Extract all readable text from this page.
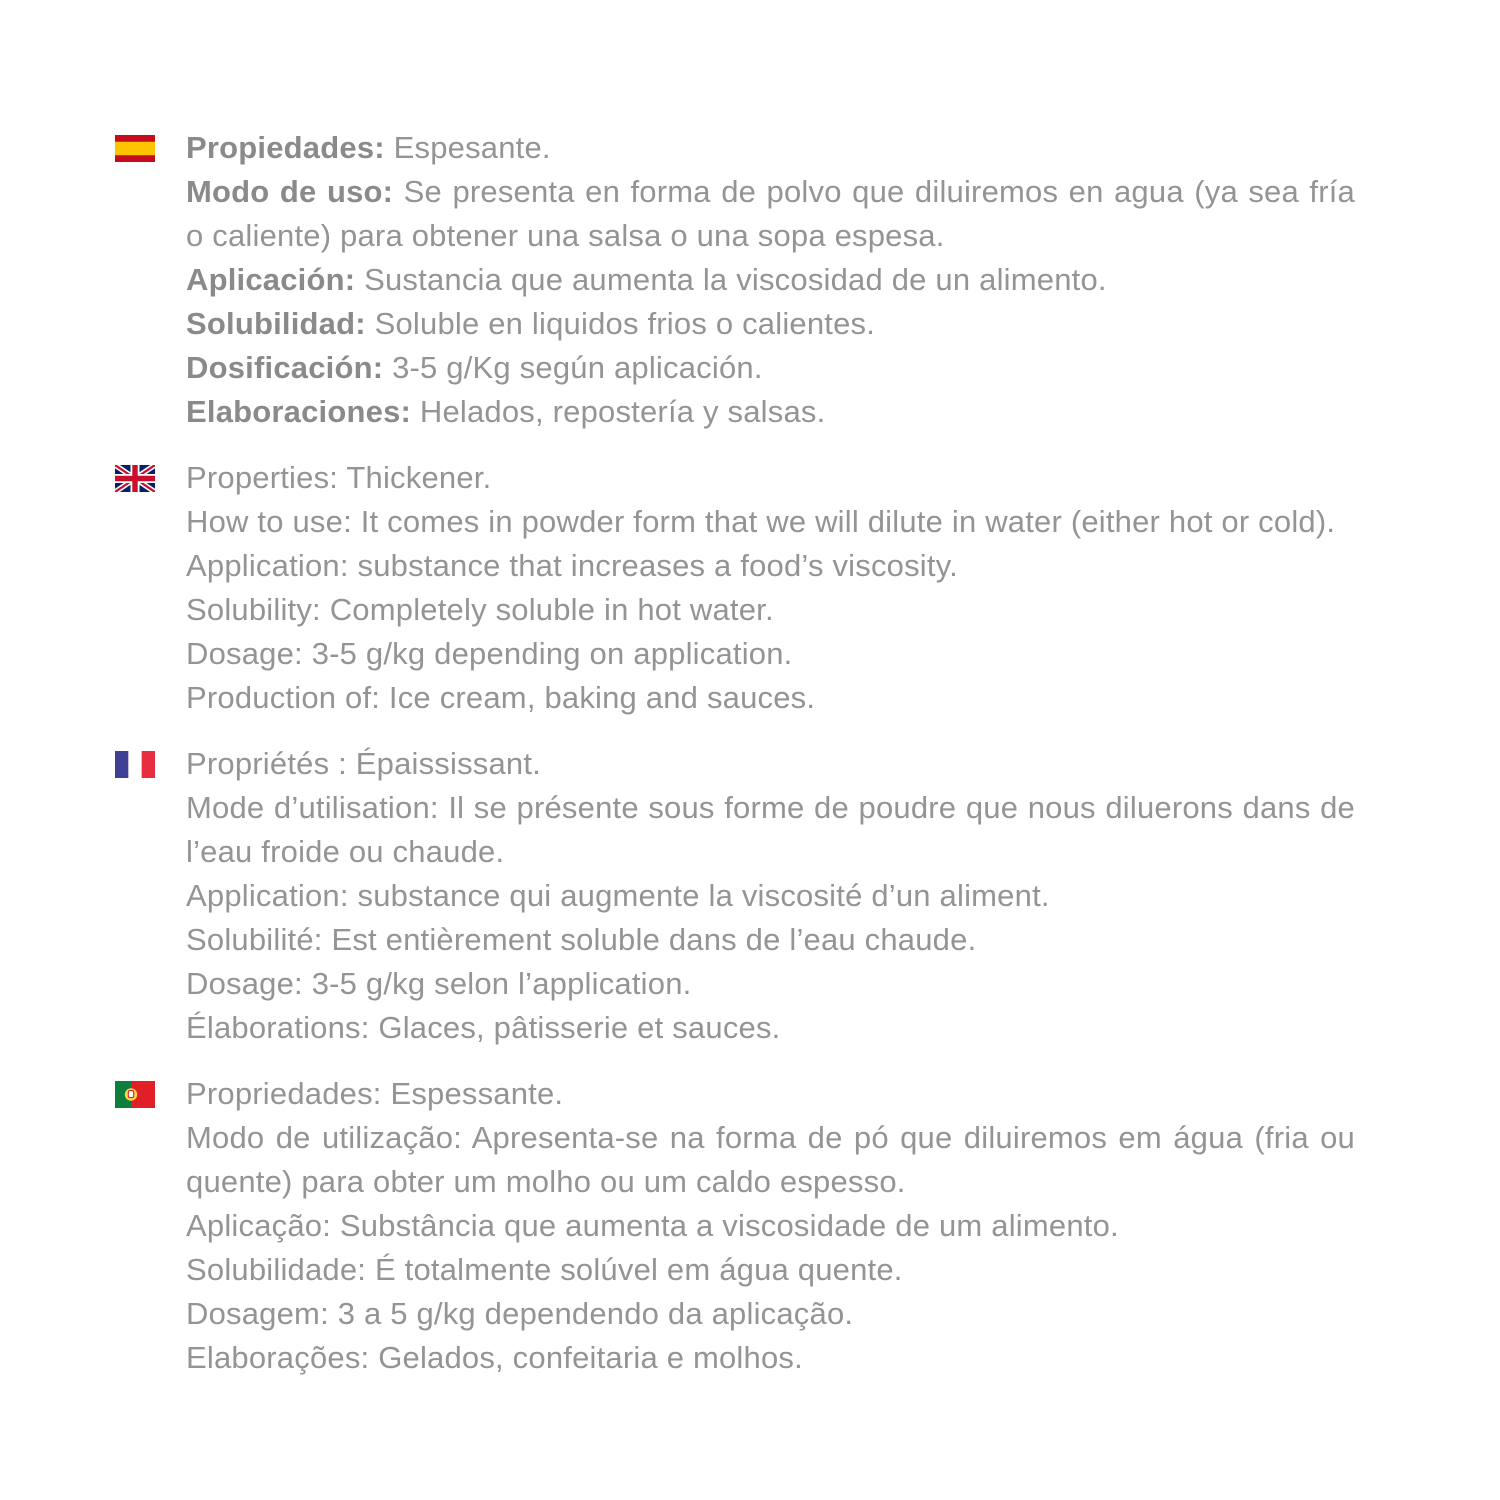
Propiedades: Espesante.

Modo de uso: Se presenta en forma de polvo que diluiremos en agua (ya sea fría o caliente) para obtener una salsa o una sopa espesa.

Aplicación: Sustancia que aumenta la viscosidad de un alimento.

Solubilidad: Soluble en liquidos frios o calientes.

Dosificación: 3-5 g/Kg según aplicación.

Elaboraciones: Helados, repostería y salsas.

Properties: Thickener.

How to use: It comes in powder form that we will dilute in water (either hot or cold).

Application: substance that increases a food’s viscosity.

Solubility: Completely soluble in hot water.

Dosage: 3-5 g/kg depending on application.

Production of: Ice cream, baking and sauces.

Propriétés : Épaississant.

Mode d’utilisation: Il se présente sous forme de poudre que nous diluerons dans de l’eau froide ou chaude.

Application: substance qui augmente la viscosité d’un aliment.

Solubilité: Est entièrement soluble dans de l’eau chaude.

Dosage: 3-5 g/kg selon l’application.

Élaborations: Glaces, pâtisserie et sauces.

Propriedades: Espessante.

Modo de utilização: Apresenta-se na forma de pó que diluiremos em água (fria ou quente) para obter um molho ou um caldo espesso.

Aplicação: Substância que aumenta a viscosidade de um alimento.

Solubilidade: É totalmente solúvel em água quente.

Dosagem: 3 a 5 g/kg dependendo da aplicação.

Elaborações: Gelados, confeitaria e molhos.
